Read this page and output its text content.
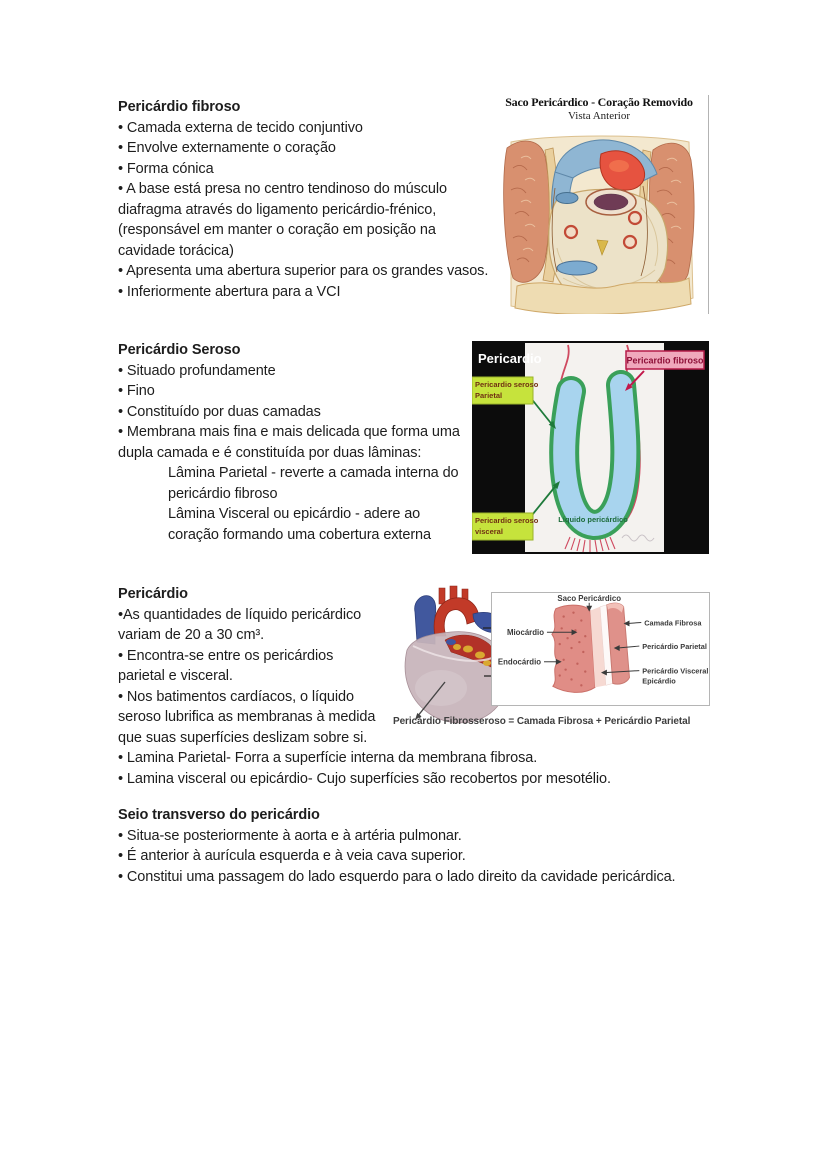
Pericárdio fibroso
• Camada externa de tecido conjuntivo
• Envolve externamente o coração
• Forma cónica
• A base está presa no centro tendinoso do músculo
diafragma através do ligamento pericárdio-frénico,
(responsável em manter o coração em posição na
cavidade torácica)
• Apresenta uma abertura superior para os grandes vasos.
• Inferiormente abertura para a VCI
Saco Pericárdico - Coração Removido
Vista Anterior
Pericárdio Seroso
• Situado profundamente
• Fino
• Constituído por duas camadas
• Membrana mais fina e mais delicada que forma uma
dupla camada e é constituída por duas lâminas:
Lâmina Parietal - reverte a camada interna do
pericárdio fibroso
Lâmina Visceral ou epicárdio - adere ao
coração formando uma cobertura externa
Pericardio
Pericardio seroso
Parietal
Pericardio seroso
visceral
Pericardio fibroso
Líquido pericárdico
Pericárdio
•As quantidades de líquido pericárdico
variam de 20 a 30 cm³.
• Encontra-se entre os pericárdios
parietal e visceral.
• Nos batimentos cardíacos, o líquido
seroso lubrifica as membranas à medida
que suas superfícies deslizam sobre si.
• Lamina Parietal- Forra a superfície interna da membrana fibrosa.
• Lamina visceral ou epicárdio- Cujo superfícies são recobertos por mesotélio.
Saco Pericárdico
Miocárdio
Endocárdio
Camada Fibrosa
Pericárdio Parietal
Pericárdio Visceral
Epicárdio
Pericárdio Fibrosseroso = Camada Fibrosa + Pericárdio Parietal
Seio transverso do pericárdio
• Situa-se posteriormente à aorta e à artéria pulmonar.
• É anterior à aurícula esquerda e à veia cava superior.
• Constitui uma passagem do lado esquerdo para o lado direito da cavidade pericárdica.
